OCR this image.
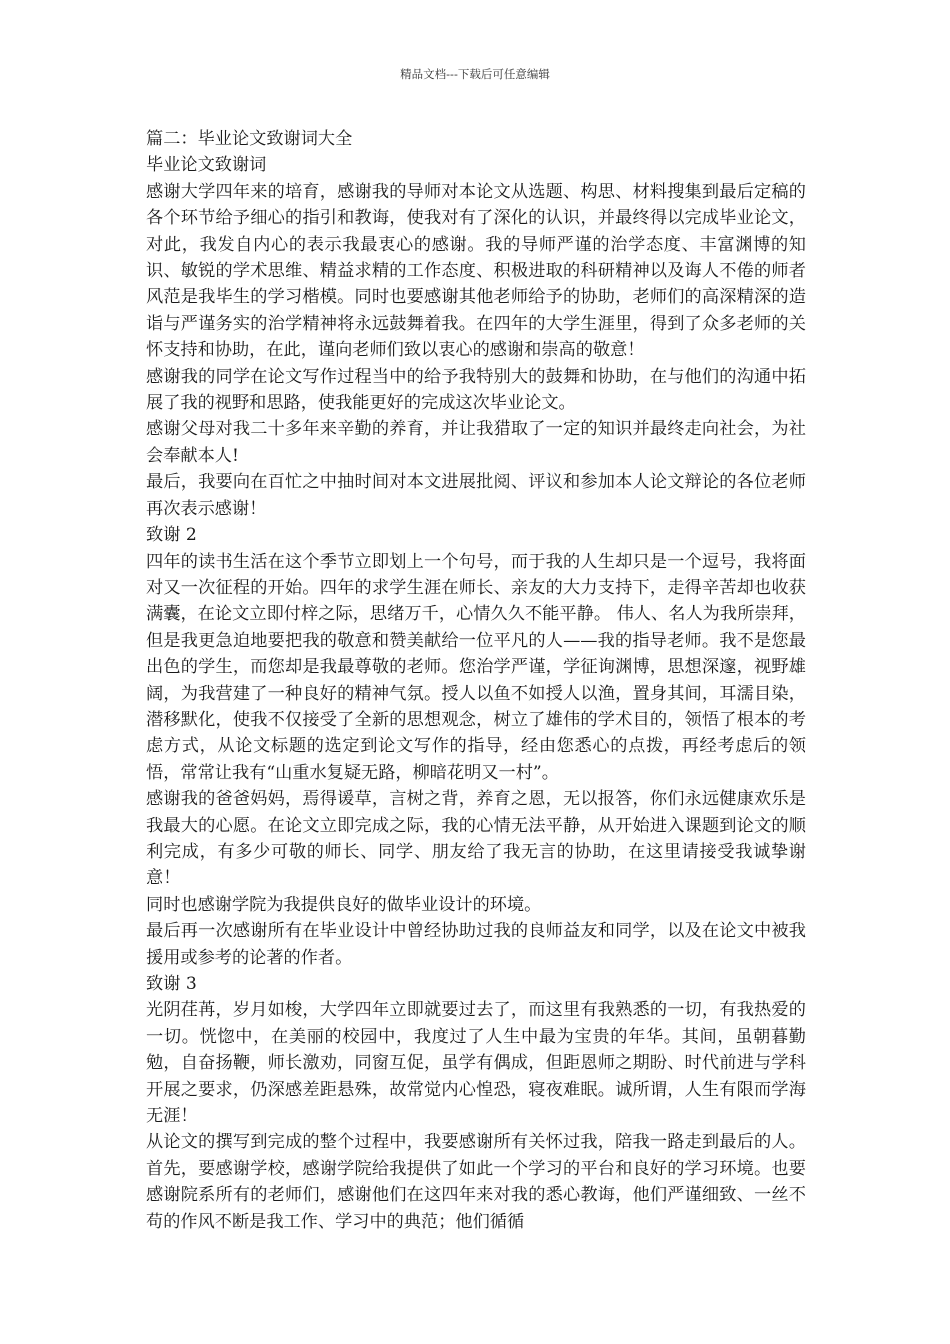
精品文档---下载后可任意编辑

篇二：毕业论文致谢词大全

毕业论文致谢词

感谢大学四年来的培育，感谢我的导师对本论文从选题、构思、材料搜集到最后定稿的各个环节给予细心的指引和教诲，使我对有了深化的认识，并最终得以完成毕业论文，对此，我发自内心的表示我最衷心的感谢。我的导师严谨的治学态度、丰富渊博的知识、敏锐的学术思维、精益求精的工作态度、积极进取的科研精神以及诲人不倦的师者风范是我毕生的学习楷模。同时也要感谢其他老师给予的协助，老师们的高深精深的造诣与严谨务实的治学精神将永远鼓舞着我。在四年的大学生涯里，得到了众多老师的关怀支持和协助，在此，谨向老师们致以衷心的感谢和崇高的敬意！

感谢我的同学在论文写作过程当中的给予我特别大的鼓舞和协助，在与他们的沟通中拓展了我的视野和思路，使我能更好的完成这次毕业论文。

感谢父母对我二十多年来辛勤的养育，并让我猎取了一定的知识并最终走向社会，为社会奉献本人!

最后，我要向在百忙之中抽时间对本文进展批阅、评议和参加本人论文辩论的各位老师再次表示感谢！

致谢 2

四年的读书生活在这个季节立即划上一个句号，而于我的人生却只是一个逗号，我将面对又一次征程的开始。四年的求学生涯在师长、亲友的大力支持下，走得辛苦却也收获满囊，在论文立即付梓之际，思绪万千，心情久久不能平静。 伟人、名人为我所崇拜，但是我更急迫地要把我的敬意和赞美献给一位平凡的人——我的指导老师。我不是您最出色的学生，而您却是我最尊敬的老师。您治学严谨，学征询渊博，思想深邃，视野雄阔，为我营建了一种良好的精神气氛。授人以鱼不如授人以渔，置身其间，耳濡目染，潜移默化，使我不仅接受了全新的思想观念，树立了雄伟的学术目的，领悟了根本的考虑方式，从论文标题的选定到论文写作的指导，经由您悉心的点拨，再经考虑后的领悟，常常让我有“山重水复疑无路，柳暗花明又一村”。

感谢我的爸爸妈妈，焉得谖草，言树之背，养育之恩，无以报答，你们永远健康欢乐是我最大的心愿。在论文立即完成之际，我的心情无法平静，从开始进入课题到论文的顺利完成，有多少可敬的师长、同学、朋友给了我无言的协助，在这里请接受我诚挚谢意！

同时也感谢学院为我提供良好的做毕业设计的环境。

最后再一次感谢所有在毕业设计中曾经协助过我的良师益友和同学，以及在论文中被我援用或参考的论著的作者。

致谢 3

光阴荏苒，岁月如梭，大学四年立即就要过去了，而这里有我熟悉的一切，有我热爱的一切。恍惚中，在美丽的校园中，我度过了人生中最为宝贵的年华。其间，虽朝暮勤勉，自奋扬鞭，师长激劝，同窗互促，虽学有偶成，但距恩师之期盼、时代前进与学科开展之要求，仍深感差距悬殊，故常觉内心惶恐，寝夜难眠。诚所谓，人生有限而学海无涯！

从论文的撰写到完成的整个过程中，我要感谢所有关怀过我，陪我一路走到最后的人。 首先，要感谢学校，感谢学院给我提供了如此一个学习的平台和良好的学习环境。也要感谢院系所有的老师们，感谢他们在这四年来对我的悉心教诲，他们严谨细致、一丝不苟的作风不断是我工作、学习中的典范；他们循循
